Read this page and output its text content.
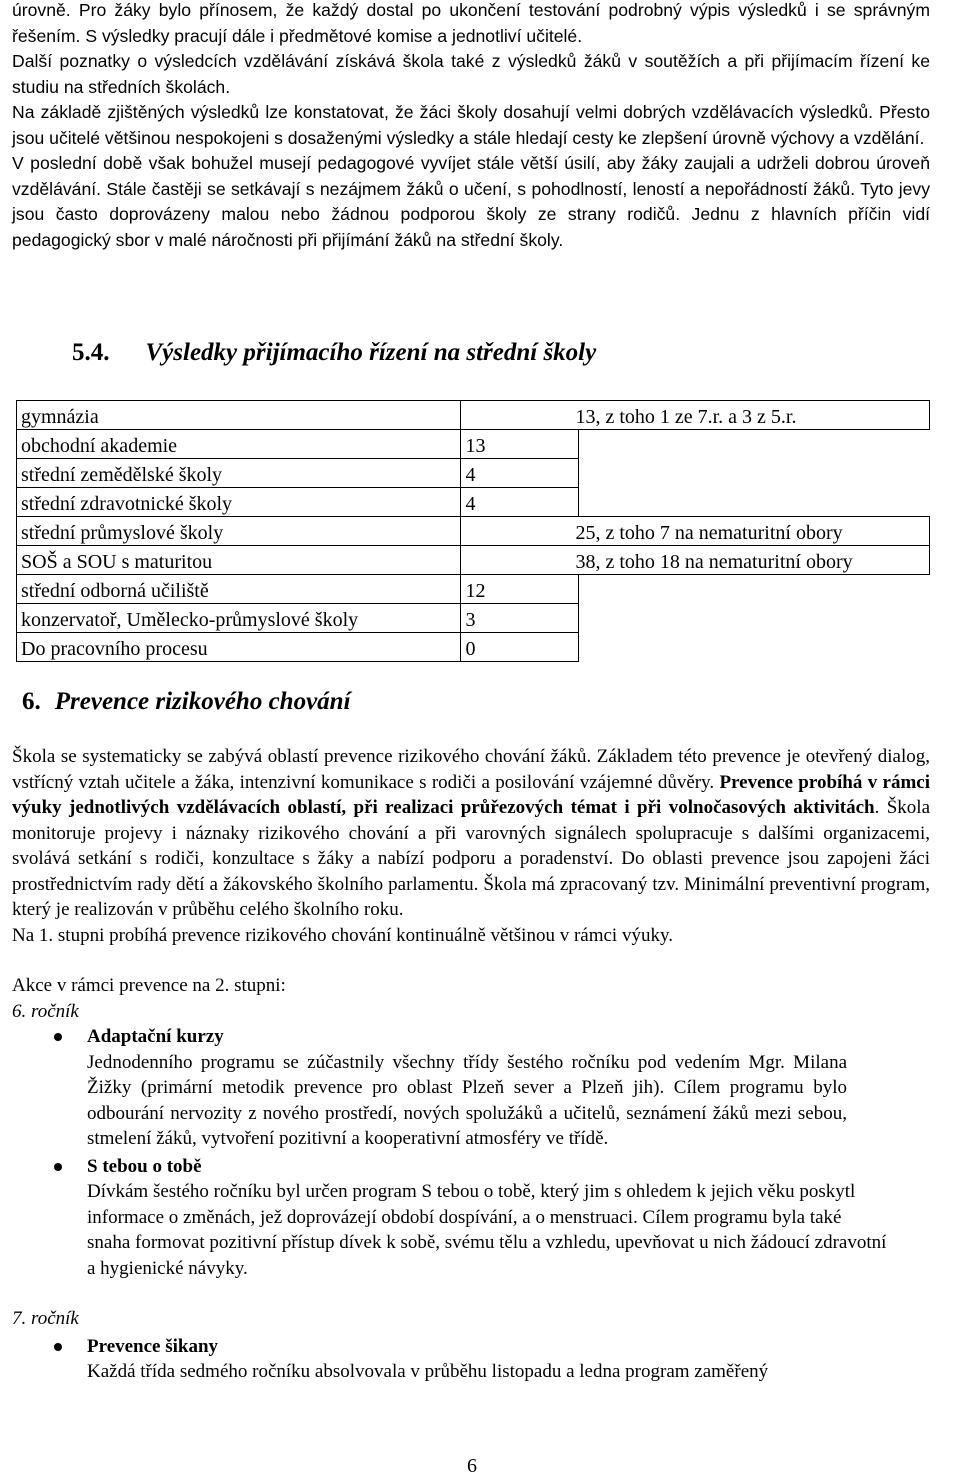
úrovně. Pro žáky bylo přínosem, že každý dostal po ukončení testování podrobný výpis výsledků i se správným řešením. S výsledky pracují dále i předmětové komise a jednotliví učitelé.

Další poznatky o výsledcích vzdělávání získává škola také z výsledků žáků v soutěžích a při přijímacím řízení ke studiu na středních školách.

Na základě zjištěných výsledků lze konstatovat, že žáci školy dosahují velmi dobrých vzdělávacích výsledků. Přesto jsou učitelé většinou nespokojeni s dosaženými výsledky a stále hledají cesty ke zlepšení úrovně výchovy a vzdělání.

V poslední době však bohužel musejí pedagogové vyvíjet stále větší úsilí, aby žáky zaujali a udrželi dobrou úroveň vzdělávání. Stále častěji se setkávají s nezájmem žáků o učení, s pohodlností, leností a nepořádností žáků. Tyto jevy jsou často doprovázeny malou nebo žádnou podporou školy ze strany rodičů. Jednu z hlavních příčin vidí pedagogický sbor v malé náročnosti při přijímání žáků na střední školy.

5.4. Výsledky přijímacího řízení na střední školy
gymnázia	13, z toho 1 ze 7.r. a 3 z 5.r.	
obchodní akademie	13	
střední zemědělské školy	4	
střední zdravotnické školy	4	
střední průmyslové školy	25, z toho 7 na nematuritní obory	
SOŠ a SOU s maturitou	38, z toho 18 na nematuritní obory	
střední odborná učiliště	12	
konzervatoř, Umělecko-průmyslové školy	3	
Do pracovního procesu	0	
6. Prevence rizikového chování

Škola se systematicky se zabývá oblastí prevence rizikového chování žáků. Základem této prevence je otevřený dialog, vstřícný vztah učitele a žáka, intenzivní komunikace s rodiči a posilování vzájemné důvěry. Prevence probíhá v rámci výuky jednotlivých vzdělávacích oblastí, při realizaci průřezových témat i při volnočasových aktivitách. Škola monitoruje projevy i náznaky rizikového chování a při varovných signálech spolupracuje s dalšími organizacemi, svolává setkání s rodiči, konzultace s žáky a nabízí podporu a poradenství. Do oblasti prevence jsou zapojeni žáci prostřednictvím rady dětí a žákovského školního parlamentu. Škola má zpracovaný tzv. Minimální preventivní program, který je realizován v průběhu celého školního roku.

Na 1. stupni probíhá prevence rizikového chování kontinuálně většinou v rámci výuky.

Akce v rámci prevence na 2. stupni:

6. ročník

Adaptační kurzy

Jednodenního programu se zúčastnily všechny třídy šestého ročníku pod vedením Mgr. Milana Žižky (primární metodik prevence pro oblast Plzeň sever a Plzeň jih). Cílem programu bylo odbourání nervozity z nového prostředí, nových spolužáků a učitelů, seznámení žáků mezi sebou, stmelení žáků, vytvoření pozitivní a kooperativní atmosféry ve třídě.

S tebou o tobě

Dívkám šestého ročníku byl určen program S tebou o tobě, který jim s ohledem k jejich věku poskytl informace o změnách, jež doprovázejí období dospívání, a o menstruaci. Cílem programu byla také snaha formovat pozitivní přístup dívek k sobě, svému tělu a vzhledu, upevňovat u nich žádoucí zdravotní a hygienické návyky.

7. ročník

Prevence šikany

Každá třída sedmého ročníku absolvovala v průběhu listopadu a ledna program zaměřený

6
